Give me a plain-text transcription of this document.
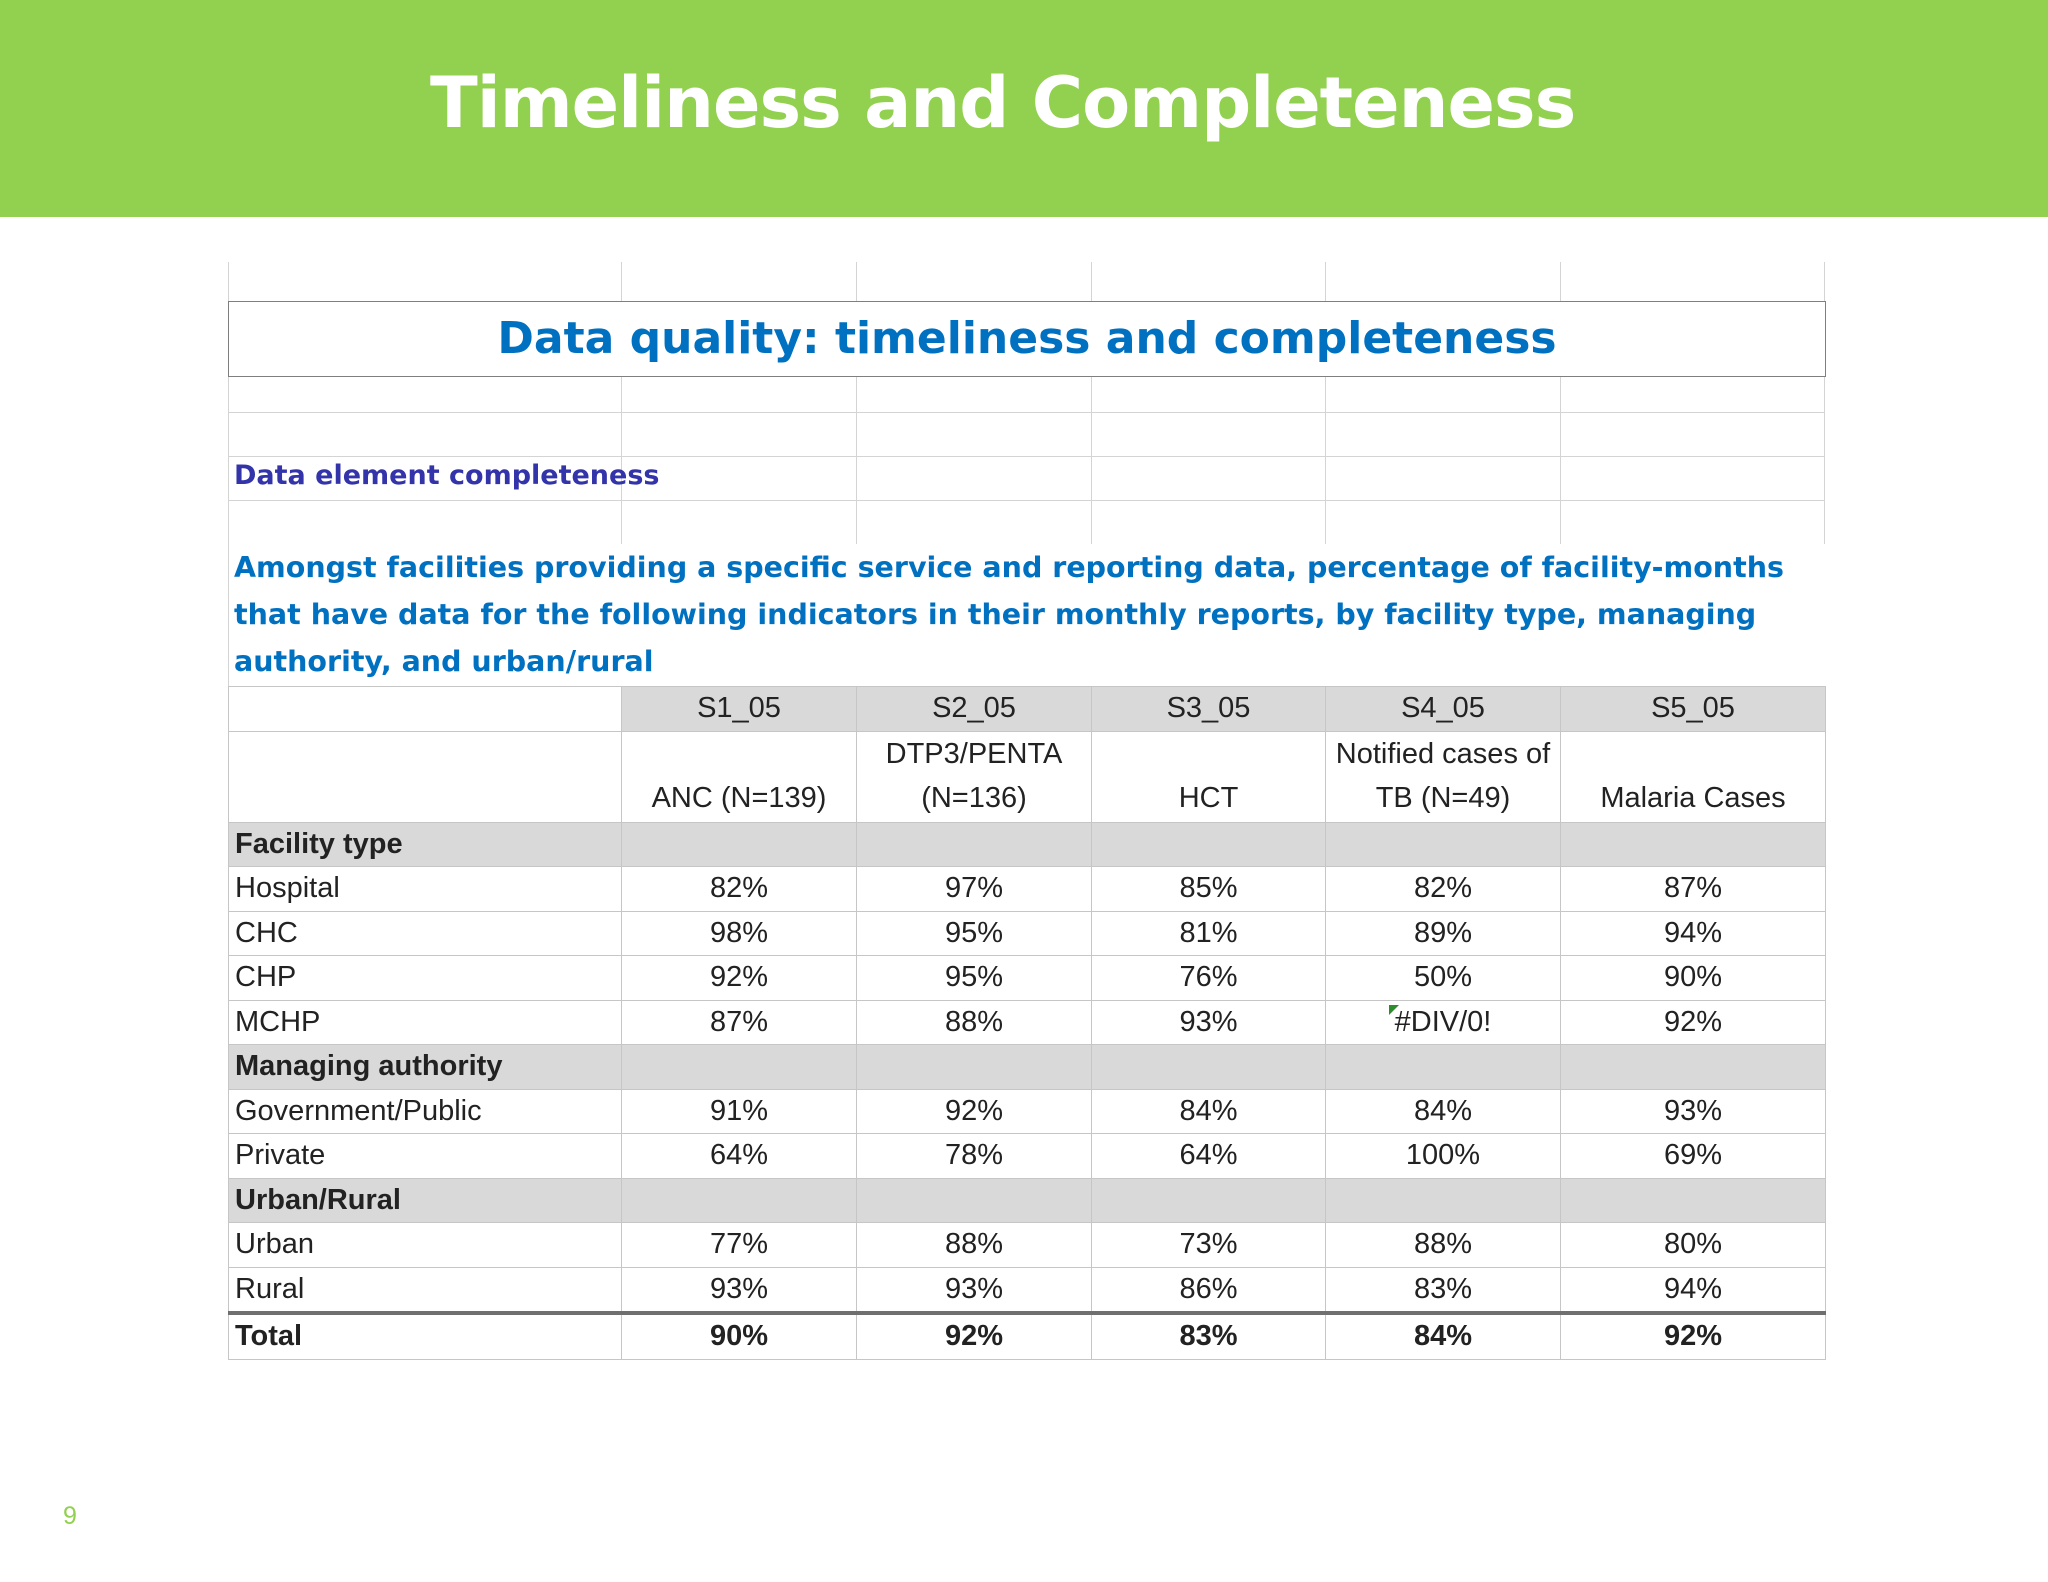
Timeliness and Completeness
Data quality: timeliness and completeness
Data element completeness
Amongst facilities providing a specific service and reporting data, percentage of facility-months that have data for the following indicators in their monthly reports, by facility type, managing authority, and urban/rural
	S1_05	S2_05	S3_05	S4_05	S5_05
	ANC (N=139)	DTP3/PENTA (N=136)	HCT	Notified cases of TB (N=49)	Malaria Cases
Facility type					
Hospital	82%	97%	85%	82%	87%
CHC	98%	95%	81%	89%	94%
CHP	92%	95%	76%	50%	90%
MCHP	87%	88%	93%	#DIV/0!	92%
Managing authority					
Government/Public	91%	92%	84%	84%	93%
Private	64%	78%	64%	100%	69%
Urban/Rural					
Urban	77%	88%	73%	88%	80%
Rural	93%	93%	86%	83%	94%
Total	90%	92%	83%	84%	92%
9
